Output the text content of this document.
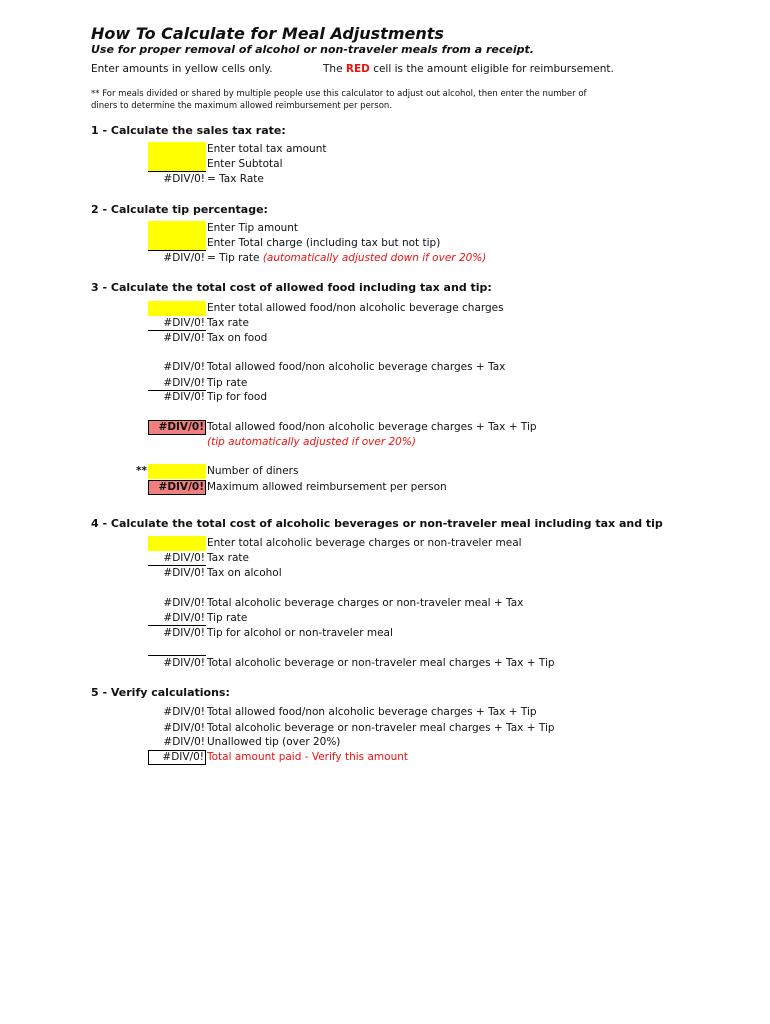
How To Calculate for Meal Adjustments
Use for proper removal of alcohol or non-traveler meals from a receipt.
Enter amounts in yellow cells only.	The RED cell is the amount eligible for reimbursement.
** For meals divided or shared by multiple people use this calculator to adjust out alcohol, then enter the number of
diners to determine the maximum allowed reimbursement per person.
1 - Calculate the sales tax rate:
Enter total tax amount
Enter Subtotal
#DIV/0! = Tax Rate
2 - Calculate tip percentage:
Enter Tip amount
Enter Total charge (including tax but not tip)
#DIV/0! = Tip rate (automatically adjusted down if over 20%)
3 - Calculate the total cost of allowed food including tax and tip:
Enter total allowed food/non alcoholic beverage charges
#DIV/0! Tax rate
#DIV/0! Tax on food
#DIV/0! Total allowed food/non alcoholic beverage charges + Tax
#DIV/0! Tip rate
#DIV/0! Tip for food
#DIV/0! Total allowed food/non alcoholic beverage charges + Tax + Tip
(tip automatically adjusted if over 20%)
**	Number of diners
#DIV/0! Maximum allowed reimbursement per person
4 - Calculate the total cost of alcoholic beverages or non-traveler meal including tax and tip
Enter total alcoholic beverage charges or non-traveler meal
#DIV/0! Tax rate
#DIV/0! Tax on alcohol
#DIV/0! Total alcoholic beverage charges or non-traveler meal + Tax
#DIV/0! Tip rate
#DIV/0! Tip for alcohol or non-traveler meal
#DIV/0! Total alcoholic beverage or non-traveler meal charges + Tax + Tip
5 - Verify calculations:
#DIV/0! Total allowed food/non alcoholic beverage charges + Tax + Tip
#DIV/0! Total alcoholic beverage or non-traveler meal charges + Tax + Tip
#DIV/0! Unallowed tip (over 20%)
#DIV/0! Total amount paid - Verify this amount
